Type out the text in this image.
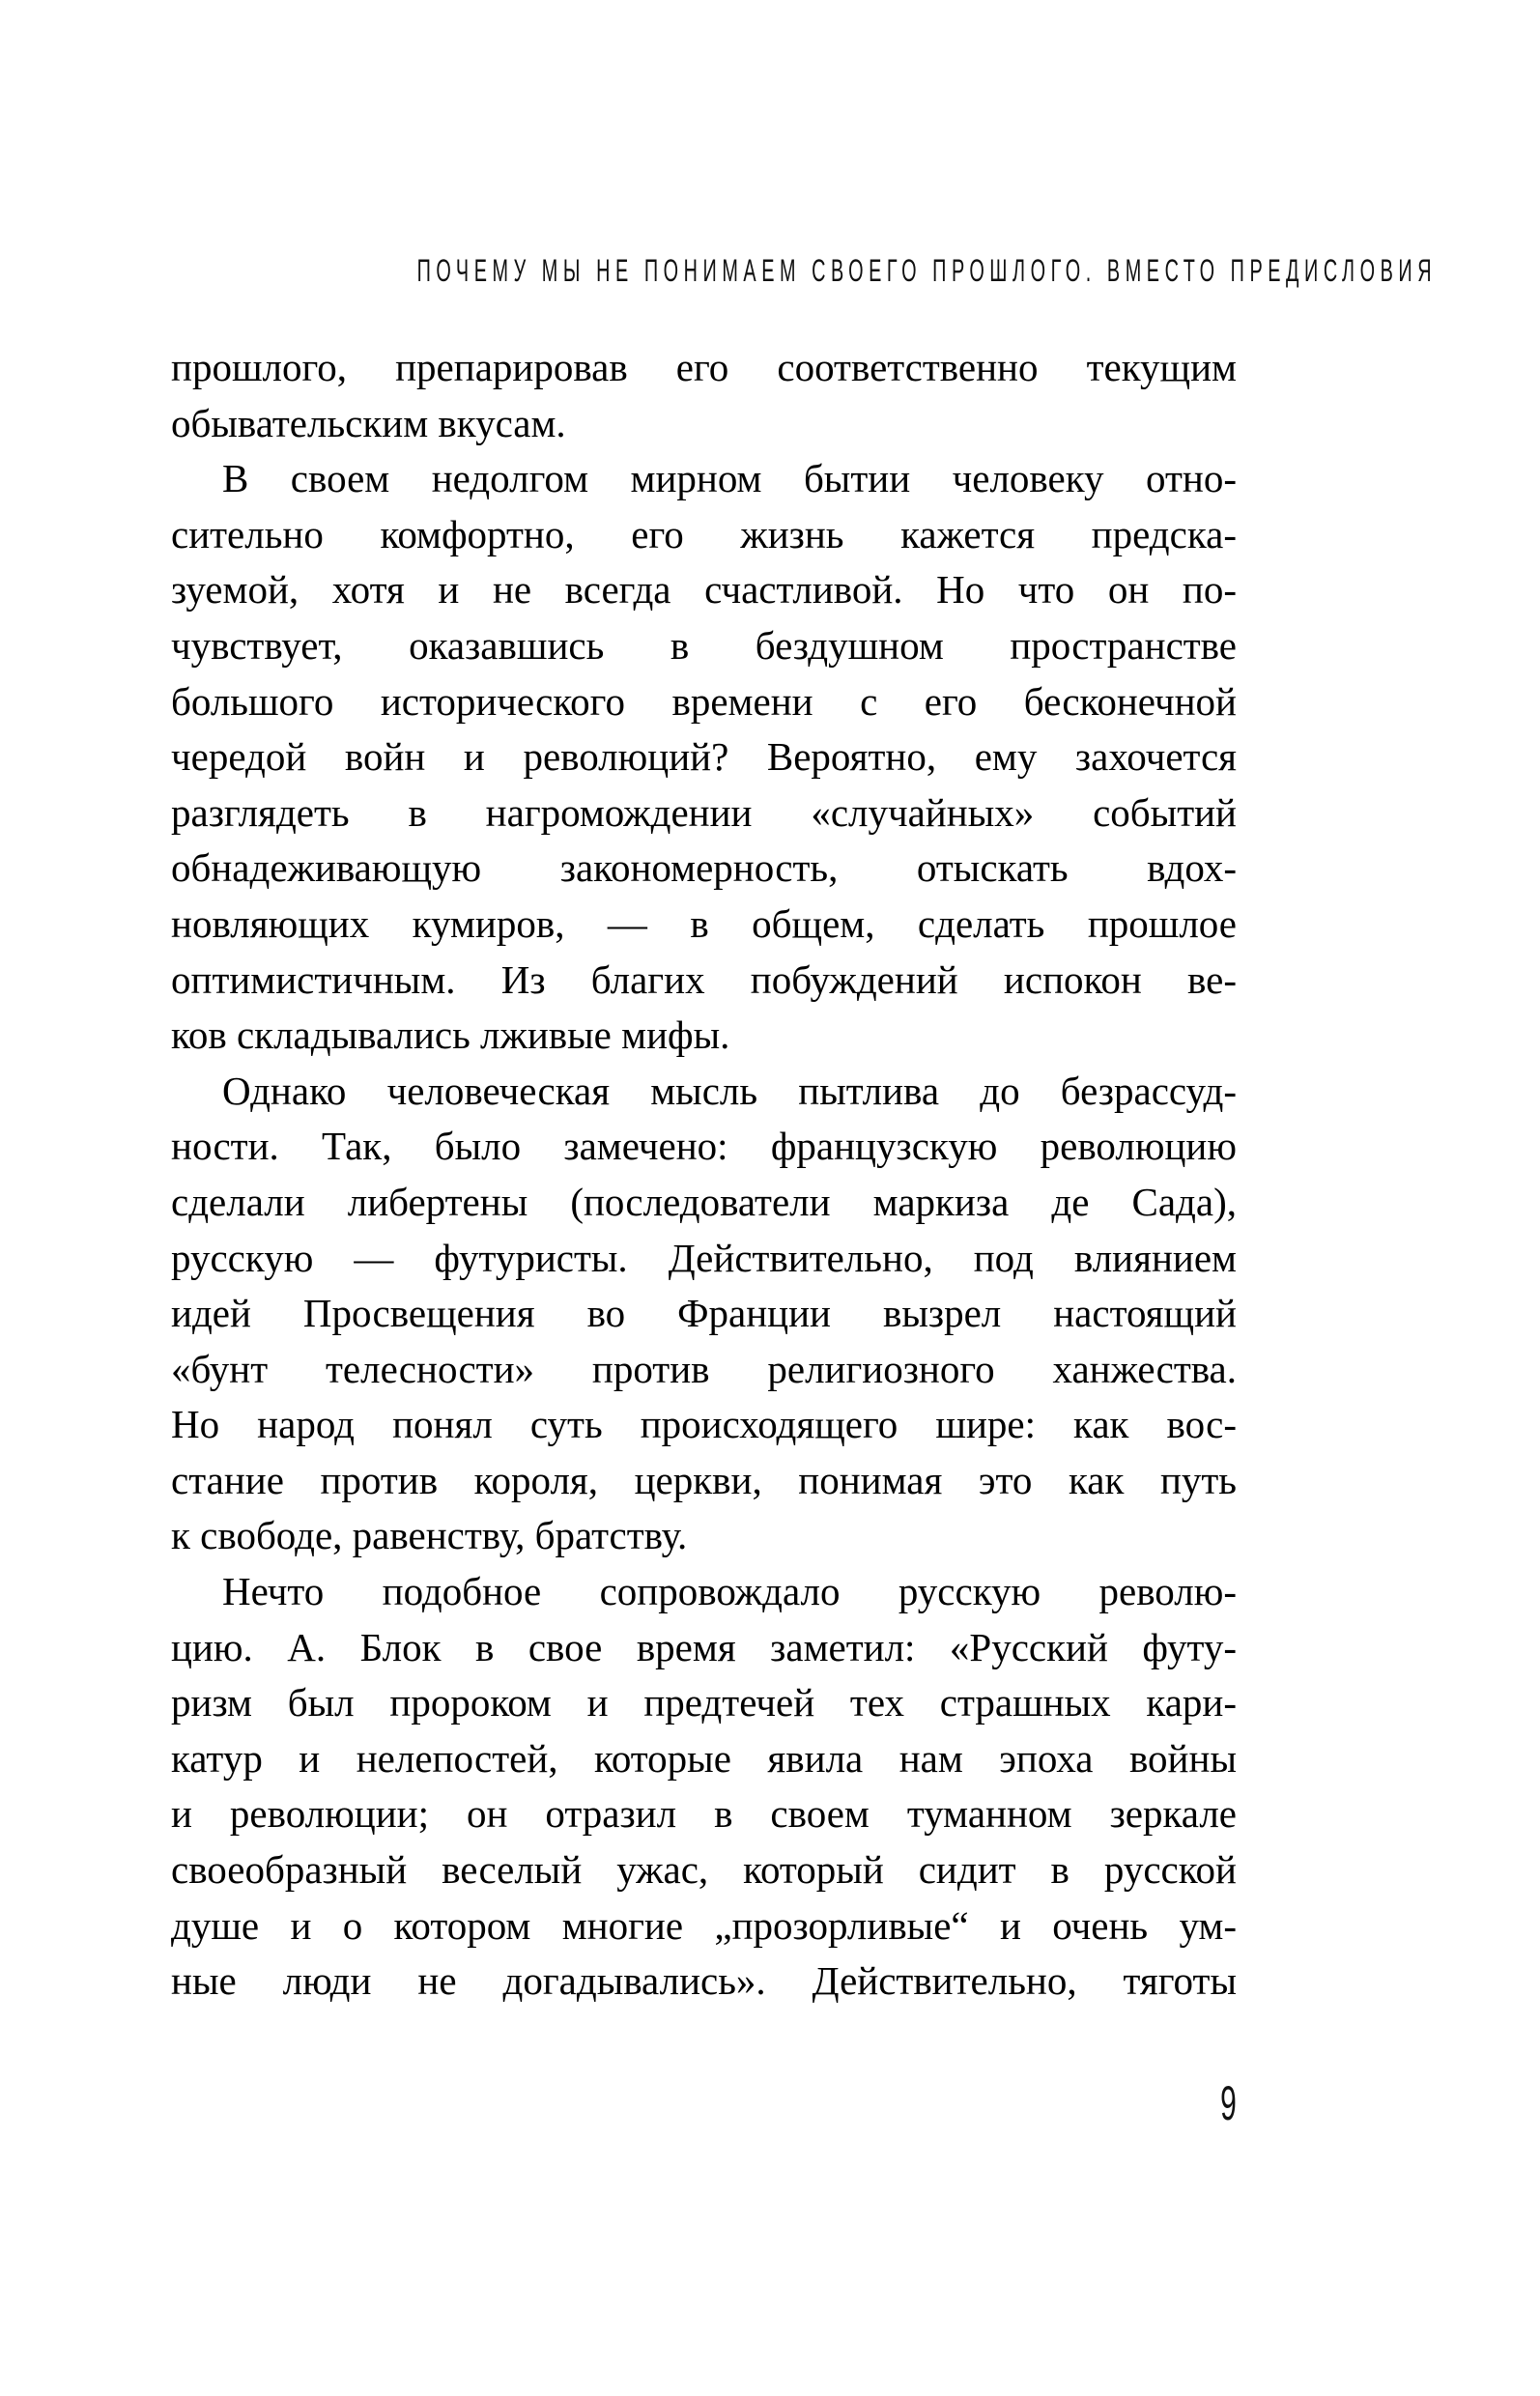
ПОЧЕМУ МЫ НЕ ПОНИМАЕМ СВОЕГО ПРОШЛОГО. ВМЕСТО ПРЕДИСЛОВИЯ
прошлого, препарировав его соответственно текущим
обывательским вкусам.
В своем недолгом мирном бытии человеку отно-
сительно комфортно, его жизнь кажется предска-
зуемой, хотя и не всегда счастливой. Но что он по-
чувствует, оказавшись в бездушном пространстве
большого исторического времени с его бесконечной
чередой войн и революций? Вероятно, ему захочется
разглядеть в нагромождении «случайных» событий
обнадеживающую закономерность, отыскать вдох-
новляющих кумиров, — в общем, сделать прошлое
оптимистичным. Из благих побуждений испокон ве-
ков складывались лживые мифы.
Однако человеческая мысль пытлива до безрассуд-
ности. Так, было замечено: французскую революцию
сделали либертены (последователи маркиза де Сада),
русскую — футуристы. Действительно, под влиянием
идей Просвещения во Франции вызрел настоящий
«бунт телесности» против религиозного ханжества.
Но народ понял суть происходящего шире: как вос-
стание против короля, церкви, понимая это как путь
к свободе, равенству, братству.
Нечто подобное сопровождало русскую револю-
цию. А. Блок в свое время заметил: «Русский футу-
ризм был пророком и предтечей тех страшных кари-
катур и нелепостей, которые явила нам эпоха войны
и революции; он отразил в своем туманном зеркале
своеобразный веселый ужас, который сидит в русской
душе и о котором многие „прозорливые“ и очень ум-
ные люди не догадывались». Действительно, тяготы
9
